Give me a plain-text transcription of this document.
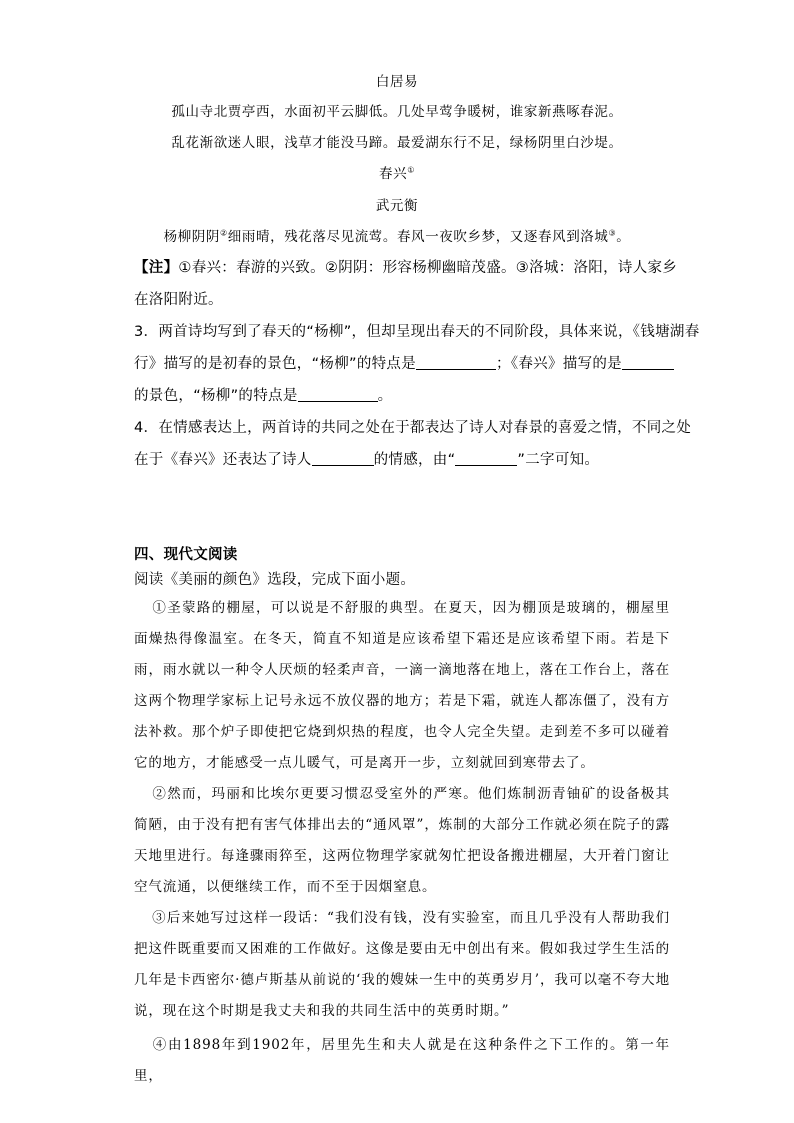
白居易
孤山寺北贾亭西，水面初平云脚低。几处早莺争暖树，谁家新燕啄春泥。
乱花渐欲迷人眼，浅草才能没马蹄。最爱湖东行不足，绿杨阴里白沙堤。
春兴①
武元衡
杨柳阴阴②细雨晴，残花落尽见流莺。春风一夜吹乡梦，又逐春风到洛城③。
【注】①春兴：春游的兴致。②阴阴：形容杨柳幽暗茂盛。③洛城：洛阳，诗人家乡
在洛阳附近。
3．两首诗均写到了春天的“杨柳”，但却呈现出春天的不同阶段，具体来说，《钱塘湖春
行》描写的是初春的景色，“杨柳”的特点是	；《春兴》描写的是
的景色，“杨柳”的特点是	。
4．在情感表达上，两首诗的共同之处在于都表达了诗人对春景的喜爱之情，不同之处
在于《春兴》还表达了诗人	的情感，由“	”二字可知。
四、现代文阅读
阅读《美丽的颜色》选段，完成下面小题。
①圣蒙路的棚屋，可以说是不舒服的典型。在夏天，因为棚顶是玻璃的，棚屋里面燥热得像温室。在冬天，简直不知道是应该希望下霜还是应该希望下雨。若是下雨，雨水就以一种令人厌烦的轻柔声音，一滴一滴地落在地上，落在工作台上，落在这两个物理学家标上记号永远不放仪器的地方；若是下霜，就连人都冻僵了，没有方法补救。那个炉子即使把它烧到炽热的程度，也令人完全失望。走到差不多可以碰着它的地方，才能感受一点儿暖气，可是离开一步，立刻就回到寒带去了。
②然而，玛丽和比埃尔更要习惯忍受室外的严寒。他们炼制沥青铀矿的设备极其简陋，由于没有把有害气体排出去的“通风罩”，炼制的大部分工作就必须在院子的露天地里进行。每逢骤雨猝至，这两位物理学家就匆忙把设备搬进棚屋，大开着门窗让空气流通，以便继续工作，而不至于因烟窒息。
③后来她写过这样一段话：“我们没有钱，没有实验室，而且几乎没有人帮助我们把这件既重要而又困难的工作做好。这像是要由无中创出有来。假如我过学生生活的几年是卡西密尔·德卢斯基从前说的‘我的嫂妹一生中的英勇岁月’，我可以毫不夸大地说，现在这个时期是我丈夫和我的共同生活中的英勇时期。”
④由1898年到1902年，居里先生和夫人就是在这种条件之下工作的。第一年里，
